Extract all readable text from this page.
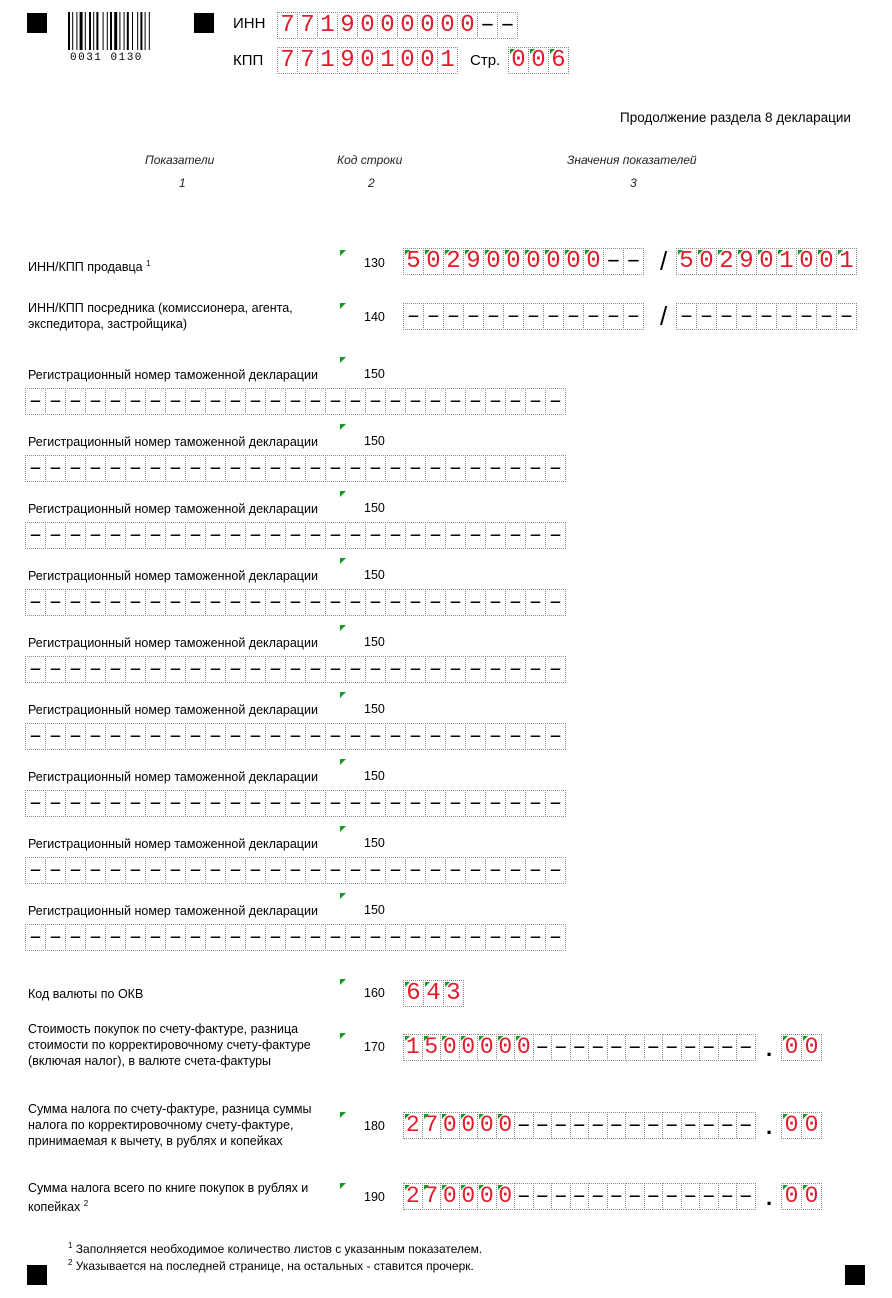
0031 0130
ИНН 7 7 1 9 0 0 0 0 0 0 – –
КПП 7 7 1 9 0 1 0 0 1 Стр. 0 0 6
Продолжение раздела 8 декларации
Показатели	Код строки	Значения показателей
1	2	3
ИНН/КПП продавца $^1$	130 5 0 2 9 0 0 0 0 0 0 – – / 5 0 2 9 0 1 0 0 1
ИНН/КПП посредника (комиссионера, агента, экспедитора, застройщика)	140 – – – – – – – – – – – – / – – – – – – – – –
Регистрационный номер таможенной декларации	150
– – – – – – – – – – – – – – – – – – – – – – – – – – –
Регистрационный номер таможенной декларации	150
– – – – – – – – – – – – – – – – – – – – – – – – – – –
Регистрационный номер таможенной декларации	150
– – – – – – – – – – – – – – – – – – – – – – – – – – –
Регистрационный номер таможенной декларации	150
– – – – – – – – – – – – – – – – – – – – – – – – – – –
Регистрационный номер таможенной декларации	150
– – – – – – – – – – – – – – – – – – – – – – – – – – –
Регистрационный номер таможенной декларации	150
– – – – – – – – – – – – – – – – – – – – – – – – – – –
Регистрационный номер таможенной декларации	150
– – – – – – – – – – – – – – – – – – – – – – – – – – –
Регистрационный номер таможенной декларации	150
– – – – – – – – – – – – – – – – – – – – – – – – – – –
Регистрационный номер таможенной декларации	150
– – – – – – – – – – – – – – – – – – – – – – – – – – –
Код валюты по ОКВ	160 6 4 3
Стоимость покупок по счету-фактуре, разница стоимости по корректировочному счету-фактуре (включая налог), в валюте счета-фактуры
170 1 5 0 0 0 0 0 – – – – – – – – – – – – . 0 0
Сумма налога по счету-фактуре, разница суммы налога по корректировочному счету-фактуре, принимаемая к вычету, в рублях и копейках
180 2 7 0 0 0 0 – – – – – – – – – – – – – . 0 0
Сумма налога всего по книге покупок в рублях и копейках $^2$	190 2 7 0 0 0 0 – – – – – – – – – – – – – . 0 0
$^1$ Заполняется необходимое количество листов с указанным показателем.
$^2$ Указывается на последней странице, на остальных - ставится прочерк.
